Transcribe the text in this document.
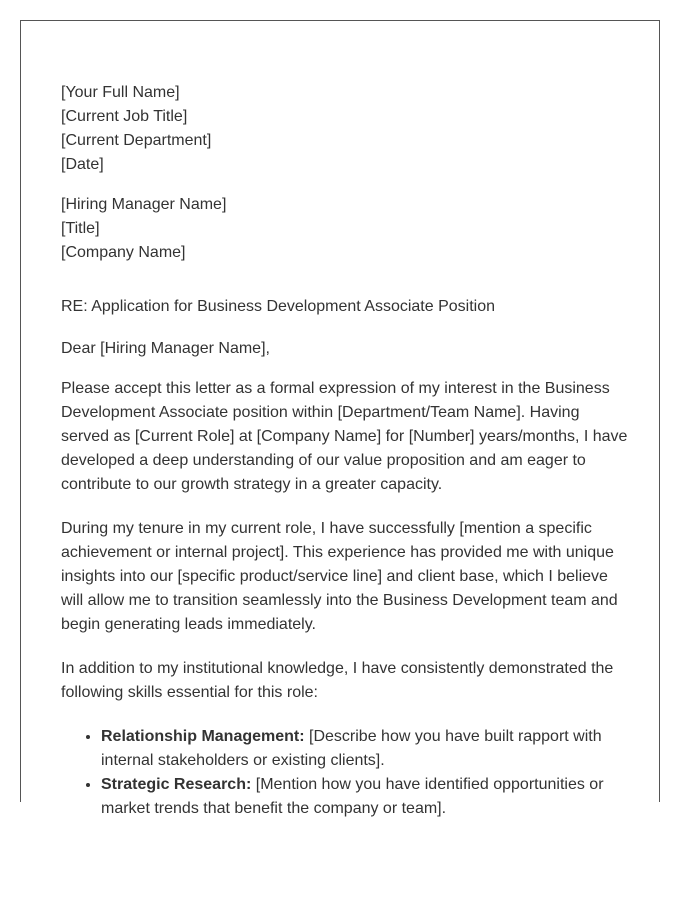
[Your Full Name]
[Current Job Title]
[Current Department]
[Date]
[Hiring Manager Name]
[Title]
[Company Name]

RE: Application for Business Development Associate Position

Dear [Hiring Manager Name],

Please accept this letter as a formal expression of my interest in the Business Development Associate position within [Department/Team Name]. Having served as [Current Role] at [Company Name] for [Number] years/months, I have developed a deep understanding of our value proposition and am eager to contribute to our growth strategy in a greater capacity.

During my tenure in my current role, I have successfully [mention a specific achievement or internal project]. This experience has provided me with unique insights into our [specific product/service line] and client base, which I believe will allow me to transition seamlessly into the Business Development team and begin generating leads immediately.

In addition to my institutional knowledge, I have consistently demonstrated the following skills essential for this role:

• Relationship Management: [Describe how you have built rapport with internal stakeholders or existing clients].
• Strategic Research: [Mention how you have identified opportunities or market trends that benefit the company or team].
